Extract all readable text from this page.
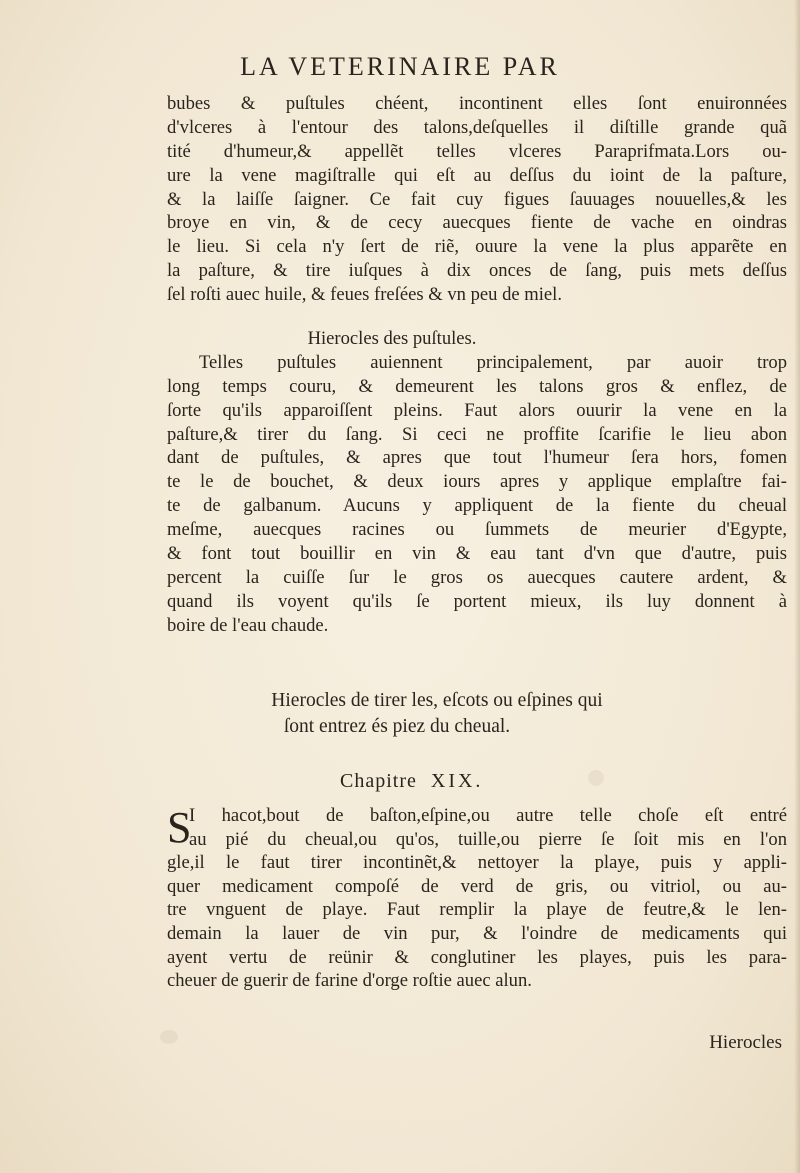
LA VETERINAIRE PAR
bubes & puſtules chéent, incontinent elles ſont enuironnées
d'vlceres à l'entour des talons,deſquelles il diſtille grande quã
tité d'humeur,& appellẽt telles vlceres Paraprifmata.Lors ou-
ure la vene magiſtralle qui eſt au deſſus du ioint de la paſture,
& la laiſſe ſaigner. Ce fait cuy figues ſauuages nouuelles,& les
broye en vin, & de cecy auecques fiente de vache en oindras
le lieu. Si cela n'y ſert de riẽ, ouure la vene la plus apparẽte en
la paſture, & tire iuſques à dix onces de ſang, puis mets deſſus
ſel roſti auec huile, & feues freſées & vn peu de miel.
Hierocles des puſtules.
Telles puſtules auiennent principalement, par auoir trop
long temps couru, & demeurent les talons gros & enflez, de
ſorte qu'ils apparoiſſent pleins. Faut alors ouurir la vene en la
paſture,& tirer du ſang. Si ceci ne proffite ſcarifie le lieu abon
dant de puſtules, & apres que tout l'humeur ſera hors, fomen
te le de bouchet, & deux iours apres y applique emplaſtre fai-
te de galbanum. Aucuns y appliquent de la fiente du cheual
meſme, auecques racines ou ſummets de meurier d'Egypte,
& font tout bouillir en vin & eau tant d'vn que d'autre, puis
percent la cuiſſe ſur le gros os auecques cautere ardent, &
quand ils voyent qu'ils ſe portent mieux, ils luy donnent à
boire de l'eau chaude.
Hierocles de tirer les, eſcots ou eſpines qui

ſont entrez és piez du cheual.
Chapitre XIX.
S
I hacot,bout de baſton,eſpine,ou autre telle choſe eſt entré
au pié du cheual,ou qu'os, tuille,ou pierre ſe ſoit mis en l'on
gle,il le faut tirer incontinẽt,& nettoyer la playe, puis y appli-
quer medicament compoſé de verd de gris, ou vitriol, ou au-
tre vnguent de playe. Faut remplir la playe de feutre,& le len-
demain la lauer de vin pur, & l'oindre de medicaments qui
ayent vertu de reünir & conglutiner les playes, puis les para-
cheuer de guerir de farine d'orge roſtie auec alun.
Hierocles
